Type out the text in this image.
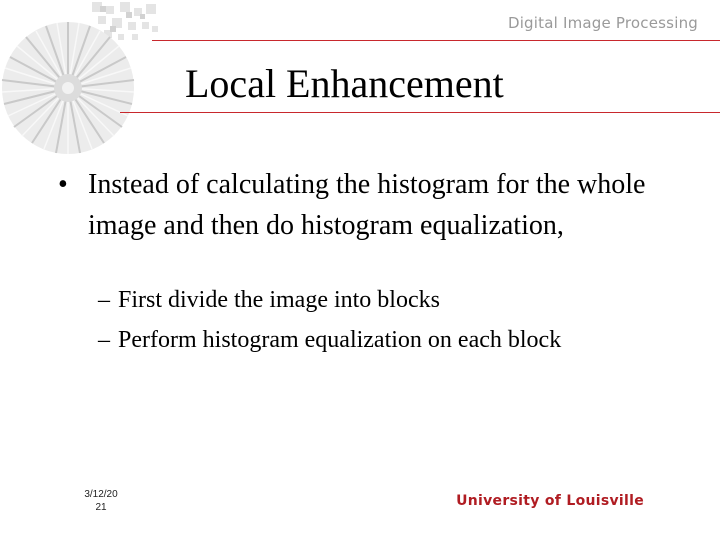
Digital Image Processing
Local Enhancement
• Instead of calculating the histogram for the whole image and then do histogram equalization,
– First divide the image into blocks
– Perform histogram equalization on each block
3/12/20
21	University of Louisville
